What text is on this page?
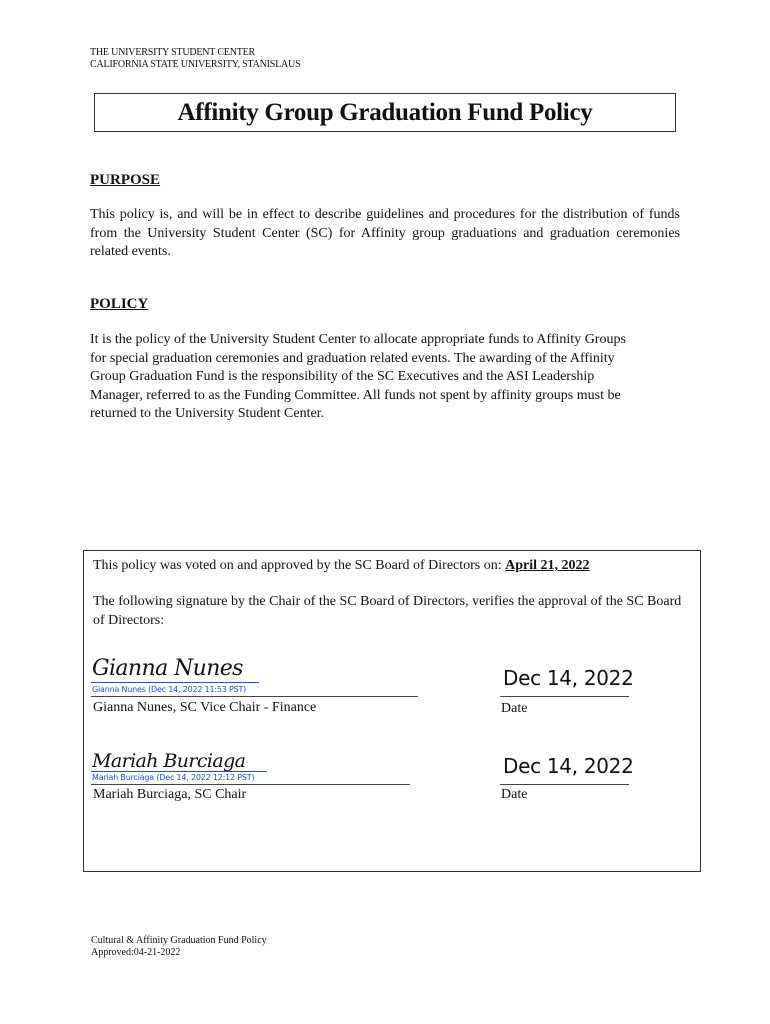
THE UNIVERSITY STUDENT CENTER
CALIFORNIA STATE UNIVERSITY, STANISLAUS
Affinity Group Graduation Fund Policy
PURPOSE
This policy is, and will be in effect to describe guidelines and procedures for the distribution of funds from the University Student Center (SC) for Affinity group graduations and graduation ceremonies related events.
POLICY
It is the policy of the University Student Center to allocate appropriate funds to Affinity Groups
for special graduation ceremonies and graduation related events. The awarding of the Affinity
Group Graduation Fund is the responsibility of the SC Executives and the ASI Leadership
Manager, referred to as the Funding Committee. All funds not spent by affinity groups must be
returned to the University Student Center.
This policy was voted on and approved by the SC Board of Directors on: April 21, 2022
The following signature by the Chair of the SC Board of Directors, verifies the approval of the SC Board of Directors:
Gianna Nunes
Gianna Nunes (Dec 14, 2022 11:53 PST)
Gianna Nunes, SC Vice Chair - Finance
Dec 14, 2022
Date
Mariah Burciaga
Mariah Burciaga (Dec 14, 2022 12:12 PST)
Mariah Burciaga, SC Chair
Dec 14, 2022
Date
Cultural & Affinity Graduation Fund Policy
Approved:04-21-2022
